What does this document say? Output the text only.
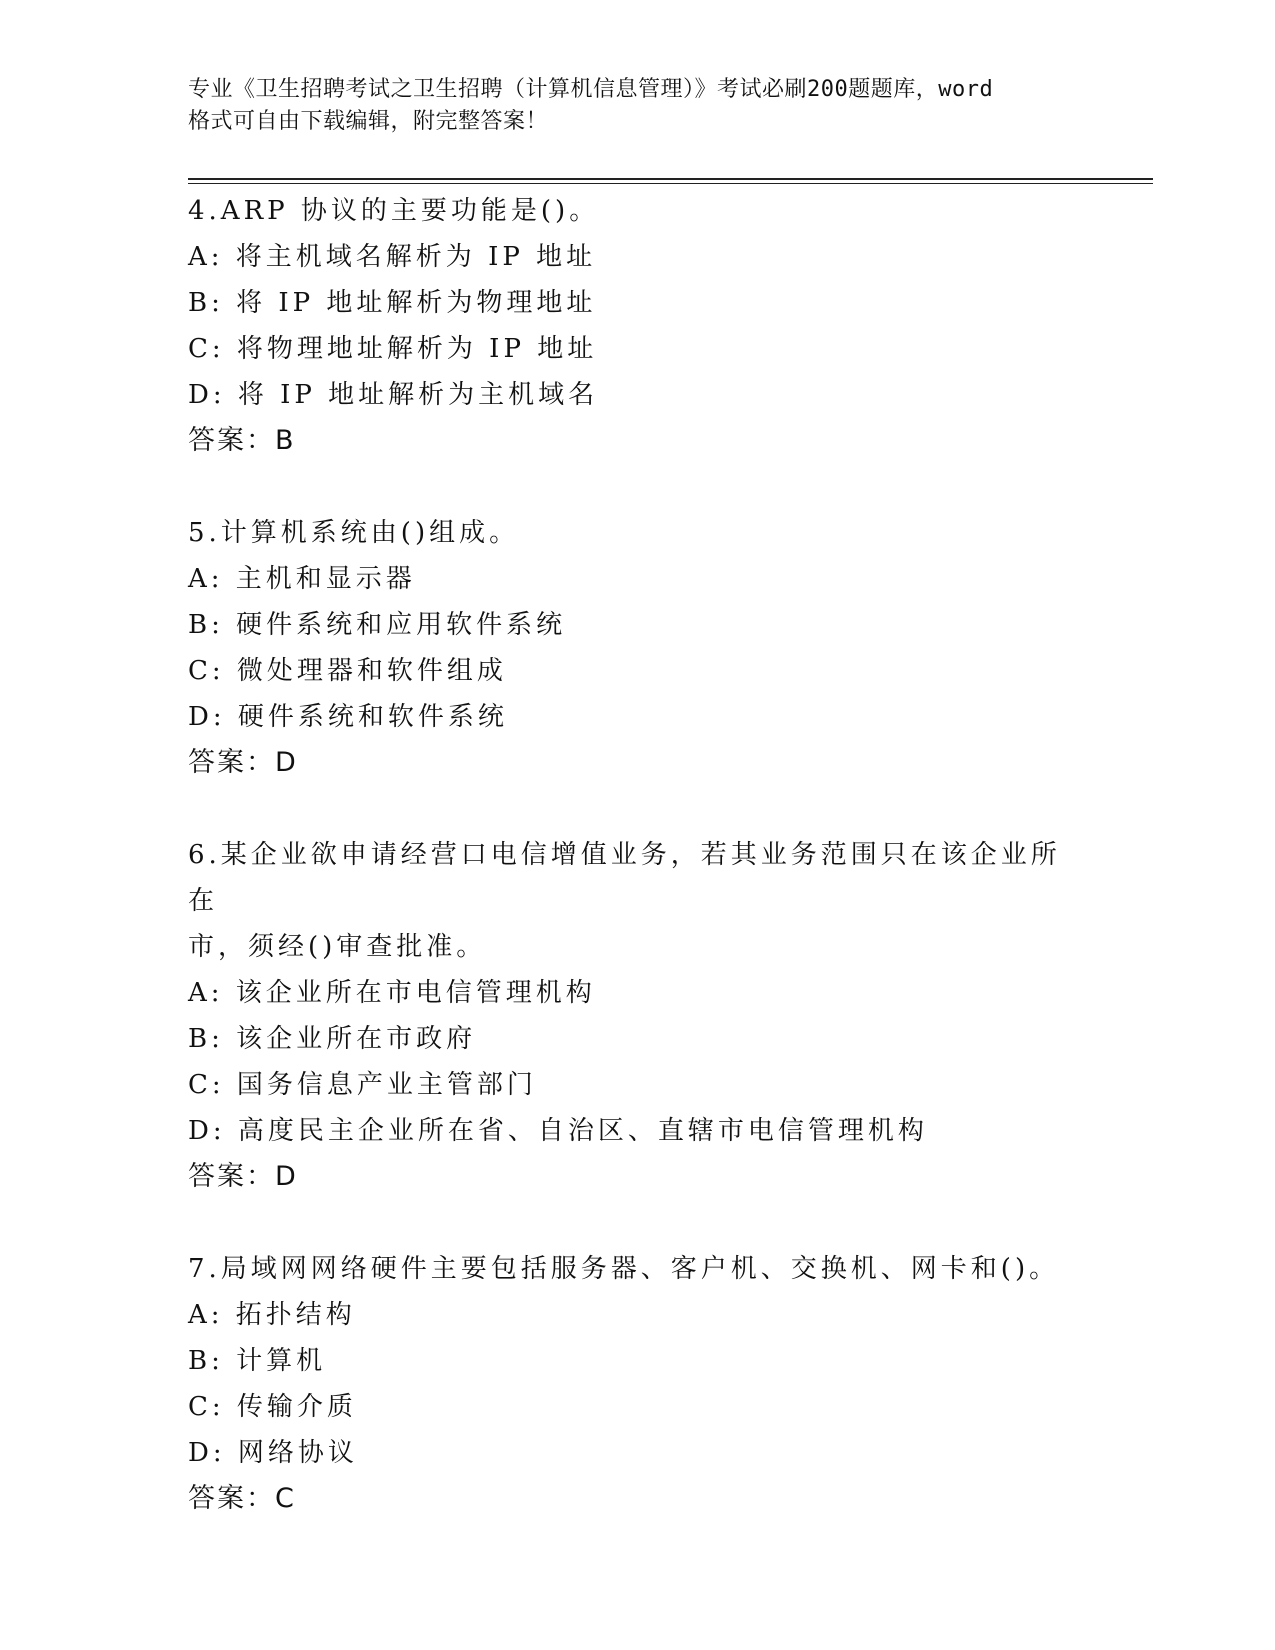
专业《卫生招聘考试之卫生招聘（计算机信息管理）》考试必刷200题题库，word
格式可自由下载编辑，附完整答案！
4.ARP 协议的主要功能是()。
A: 将主机域名解析为 IP 地址
B: 将 IP 地址解析为物理地址
C: 将物理地址解析为 IP 地址
D: 将 IP 地址解析为主机域名
答案：B
5.计算机系统由()组成。
A: 主机和显示器
B: 硬件系统和应用软件系统
C: 微处理器和软件组成
D: 硬件系统和软件系统
答案：D
6.某企业欲申请经营口电信增值业务，若其业务范围只在该企业所在
市，须经()审查批准。
A: 该企业所在市电信管理机构
B: 该企业所在市政府
C: 国务信息产业主管部门
D: 高度民主企业所在省、自治区、直辖市电信管理机构
答案：D
7.局域网网络硬件主要包括服务器、客户机、交换机、网卡和()。
A: 拓扑结构
B: 计算机
C: 传输介质
D: 网络协议
答案：C
